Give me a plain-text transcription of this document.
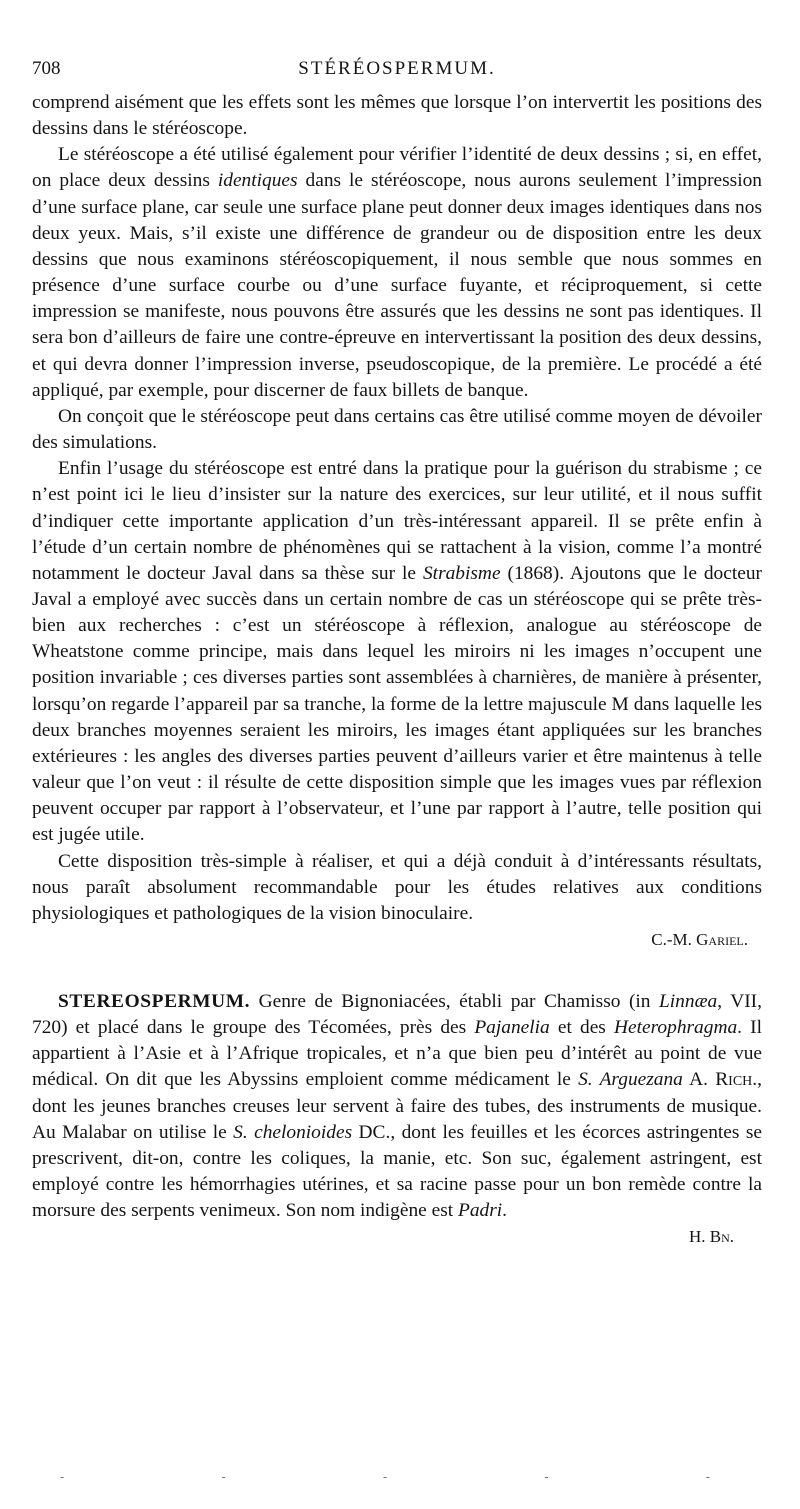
708	STÉRÉOSPERMUM.

comprend aisément que les effets sont les mêmes que lorsque l’on intervertit les positions des dessins dans le stéréoscope.

Le stéréoscope a été utilisé également pour vérifier l’identité de deux dessins ; si, en effet, on place deux dessins identiques dans le stéréoscope, nous aurons seulement l’impression d’une surface plane, car seule une surface plane peut donner deux images identiques dans nos deux yeux. Mais, s’il existe une différence de grandeur ou de disposition entre les deux dessins que nous examinons stéréoscopiquement, il nous semble que nous sommes en présence d’une surface courbe ou d’une surface fuyante, et réciproquement, si cette impression se manifeste, nous pouvons être assurés que les dessins ne sont pas identiques. Il sera bon d’ailleurs de faire une contre-épreuve en intervertissant la position des deux dessins, et qui devra donner l’impression inverse, pseudoscopique, de la première. Le procédé a été appliqué, par exemple, pour discerner de faux billets de banque.

On conçoit que le stéréoscope peut dans certains cas être utilisé comme moyen de dévoiler des simulations.

Enfin l’usage du stéréoscope est entré dans la pratique pour la guérison du strabisme ; ce n’est point ici le lieu d’insister sur la nature des exercices, sur leur utilité, et il nous suffit d’indiquer cette importante application d’un très-intéressant appareil. Il se prête enfin à l’étude d’un certain nombre de phénomènes qui se rattachent à la vision, comme l’a montré notamment le docteur Javal dans sa thèse sur le Strabisme (1868). Ajoutons que le docteur Javal a employé avec succès dans un certain nombre de cas un stéréoscope qui se prête très-bien aux recherches : c’est un stéréoscope à réflexion, analogue au stéréoscope de Wheatstone comme principe, mais dans lequel les miroirs ni les images n’occupent une position invariable ; ces diverses parties sont assemblées à charnières, de manière à présenter, lorsqu’on regarde l’appareil par sa tranche, la forme de la lettre majuscule M dans laquelle les deux branches moyennes seraient les miroirs, les images étant appliquées sur les branches extérieures : les angles des diverses parties peuvent d’ailleurs varier et être maintenus à telle valeur que l’on veut : il résulte de cette disposition simple que les images vues par réflexion peuvent occuper par rapport à l’observateur, et l’une par rapport à l’autre, telle position qui est jugée utile.

Cette disposition très-simple à réaliser, et qui a déjà conduit à d’intéressants résultats, nous paraît absolument recommandable pour les études relatives aux conditions physiologiques et pathologiques de la vision binoculaire.

C.-M. Gariel.

STEREOSPERMUM. Genre de Bignoniacées, établi par Chamisso (in Linnæa, VII, 720) et placé dans le groupe des Técomées, près des Pajanelia et des Heterophragma. Il appartient à l’Asie et à l’Afrique tropicales, et n’a que bien peu d’intérêt au point de vue médical. On dit que les Abyssins emploient comme médicament le S. Arguezana A. Rich., dont les jeunes branches creuses leur servent à faire des tubes, des instruments de musique. Au Malabar on utilise le S. chelonioides DC., dont les feuilles et les écorces astringentes se prescrivent, dit-on, contre les coliques, la manie, etc. Son suc, également astringent, est employé contre les hémorrhagies utérines, et sa racine passe pour un bon remède contre la morsure des serpents venimeux. Son nom indigène est Padri.

H. Bn.
-	-	-	-	-
